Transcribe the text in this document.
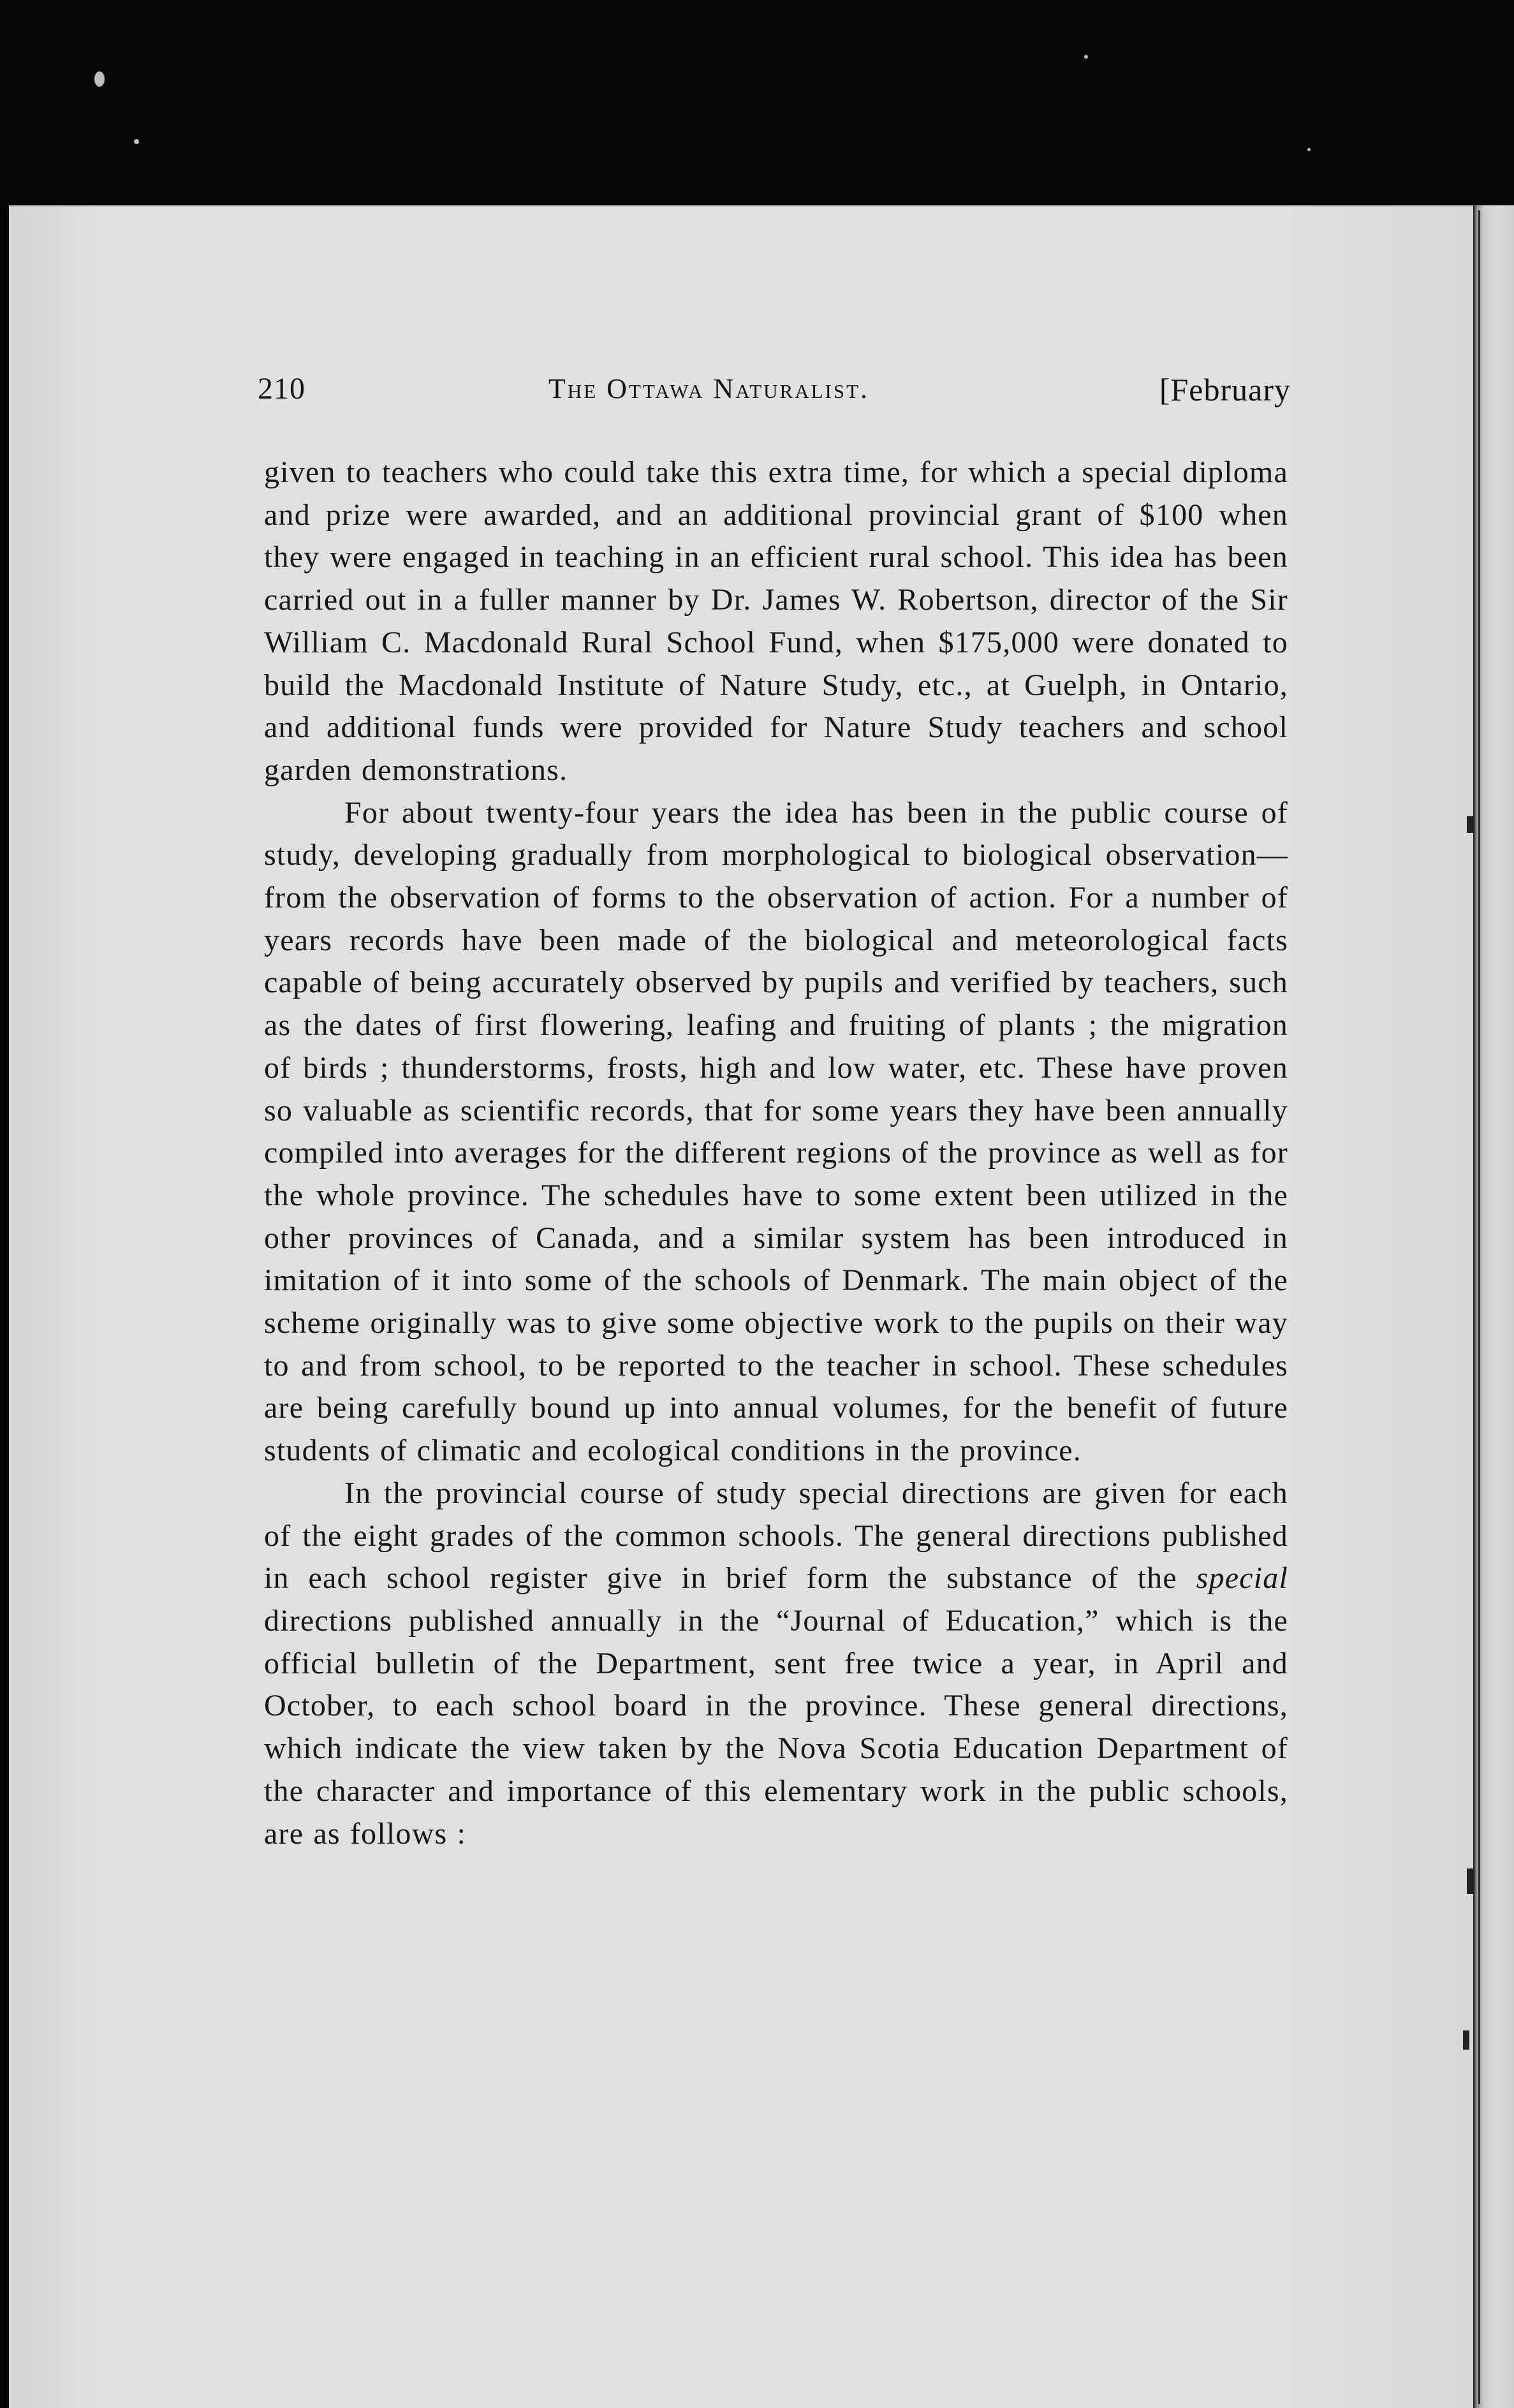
210	The Ottawa Naturalist.	[February

given to teachers who could take this extra time, for which a special diploma and prize were awarded, and an additional provincial grant of $100 when they were engaged in teaching in an efficient rural school. This idea has been carried out in a fuller manner by Dr. James W. Robertson, director of the Sir William C. Macdonald Rural School Fund, when $175,000 were donated to build the Macdonald Institute of Nature Study, etc., at Guelph, in Ontario, and additional funds were provided for Nature Study teachers and school garden demonstrations.

For about twenty-four years the idea has been in the public course of study, developing gradually from morphological to biological observation—from the observation of forms to the observation of action. For a number of years records have been made of the biological and meteorological facts capable of being accurately observed by pupils and verified by teachers, such as the dates of first flowering, leafing and fruiting of plants ; the migration of birds ; thunderstorms, frosts, high and low water, etc. These have proven so valuable as scientific records, that for some years they have been annually compiled into averages for the different regions of the province as well as for the whole province. The schedules have to some extent been utilized in the other provinces of Canada, and a similar system has been introduced in imitation of it into some of the schools of Denmark. The main object of the scheme originally was to give some objective work to the pupils on their way to and from school, to be reported to the teacher in school. These schedules are being carefully bound up into annual volumes, for the benefit of future students of climatic and ecological conditions in the province.

In the provincial course of study special directions are given for each of the eight grades of the common schools. The general directions published in each school register give in brief form the substance of the special directions published annually in the “Journal of Education,” which is the official bulletin of the Department, sent free twice a year, in April and October, to each school board in the province. These general directions, which indicate the view taken by the Nova Scotia Education Department of the character and importance of this elementary work in the public schools, are as follows :
